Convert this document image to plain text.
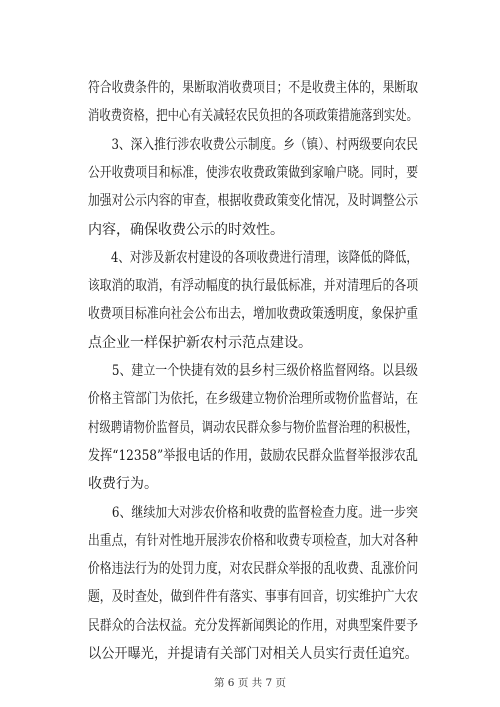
符合收费条件的，果断取消收费项目；不是收费主体的，果断取
消收费资格，把中心有关减轻农民负担的各项政策措施落到实处。
　　3、深入推行涉农收费公示制度。乡（镇）、村两级要向农民
公开收费项目和标准，使涉农收费政策做到家喻户晓。同时，要
加强对公示内容的审查，根据收费政策变化情况，及时调整公示
内容，确保收费公示的时效性。
　　4、对涉及新农村建设的各项收费进行清理，该降低的降低，
该取消的取消，有浮动幅度的执行最低标准，并对清理后的各项
收费项目标准向社会公布出去，增加收费政策透明度，象保护重
点企业一样保护新农村示范点建设。
　　5、建立一个快捷有效的县乡村三级价格监督网络。以县级
价格主管部门为依托，在乡级建立物价治理所或物价监督站，在
村级聘请物价监督员，调动农民群众参与物价监督治理的积极性，
发挥“12358”举报电话的作用，鼓励农民群众监督举报涉农乱
收费行为。
　　6、继续加大对涉农价格和收费的监督检查力度。进一步突
出重点，有针对性地开展涉农价格和收费专项检查，加大对各种
价格违法行为的处罚力度，对农民群众举报的乱收费、乱涨价问
题，及时查处，做到件件有落实、事事有回音，切实维护广大农
民群众的合法权益。充分发挥新闻舆论的作用，对典型案件要予
以公开曝光，并提请有关部门对相关人员实行责任追究。
第 6 页 共 7 页
